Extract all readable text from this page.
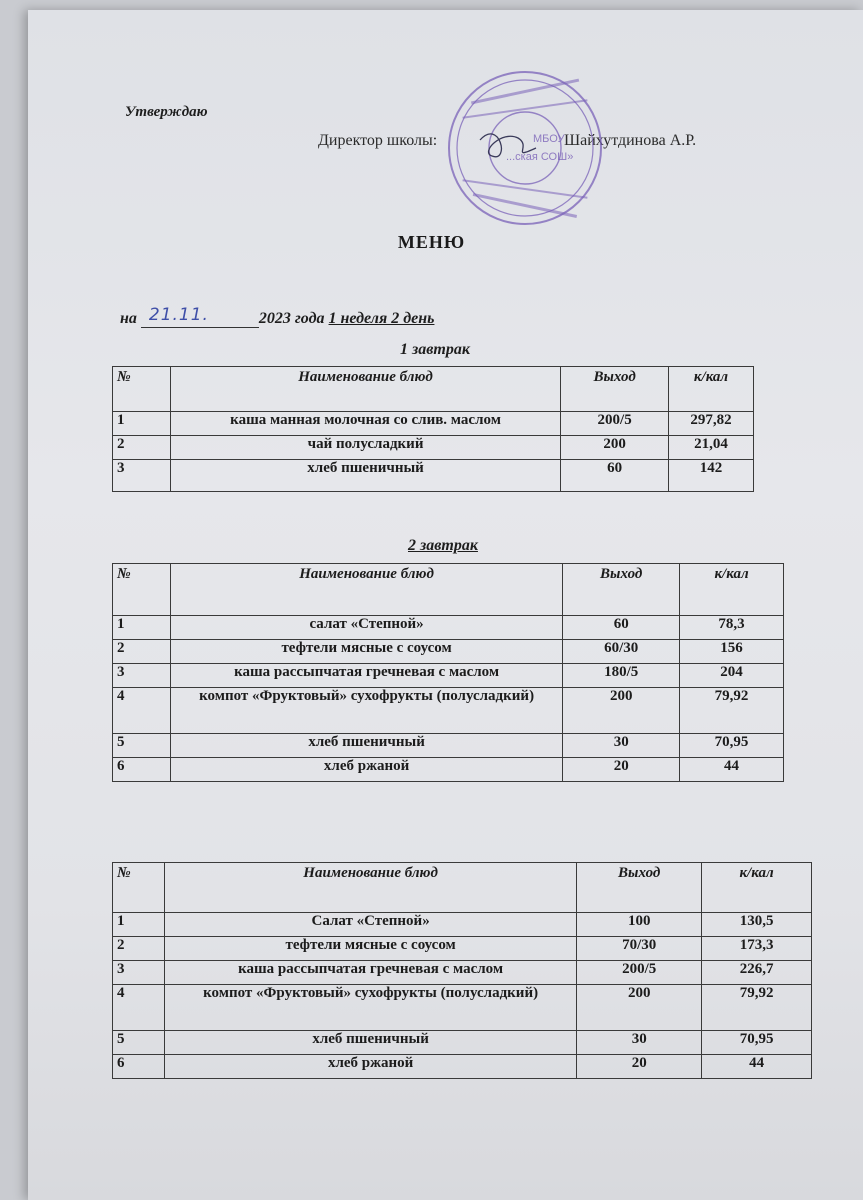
Утверждаю
Директор школы:	Шайхутдинова А.Р.
МБОУ
...ская СОШ»
МЕНЮ
на 21.11.	2023 года 1 неделя 2 день
1 завтрак
№	Наименование блюд	Выход	к/кал
1	каша манная молочная со слив. маслом	200/5	297,82
2	чай полусладкий	200	21,04
3	хлеб пшеничный	60	142
2 завтрак
№	Наименование блюд	Выход	к/кал
1	салат «Степной»	60	78,3
2	тефтели мясные с соусом	60/30	156
3	каша рассыпчатая гречневая с маслом	180/5	204
4	компот «Фруктовый» сухофрукты (полусладкий)	200	79,92
5	хлеб пшеничный	30	70,95
6	хлеб ржаной	20	44
№	Наименование блюд	Выход	к/кал
1	Салат «Степной»	100	130,5
2	тефтели мясные с соусом	70/30	173,3
3	каша рассыпчатая гречневая с маслом	200/5	226,7
4	компот «Фруктовый» сухофрукты (полусладкий)	200	79,92
5	хлеб пшеничный	30	70,95
6	хлеб ржаной	20	44
